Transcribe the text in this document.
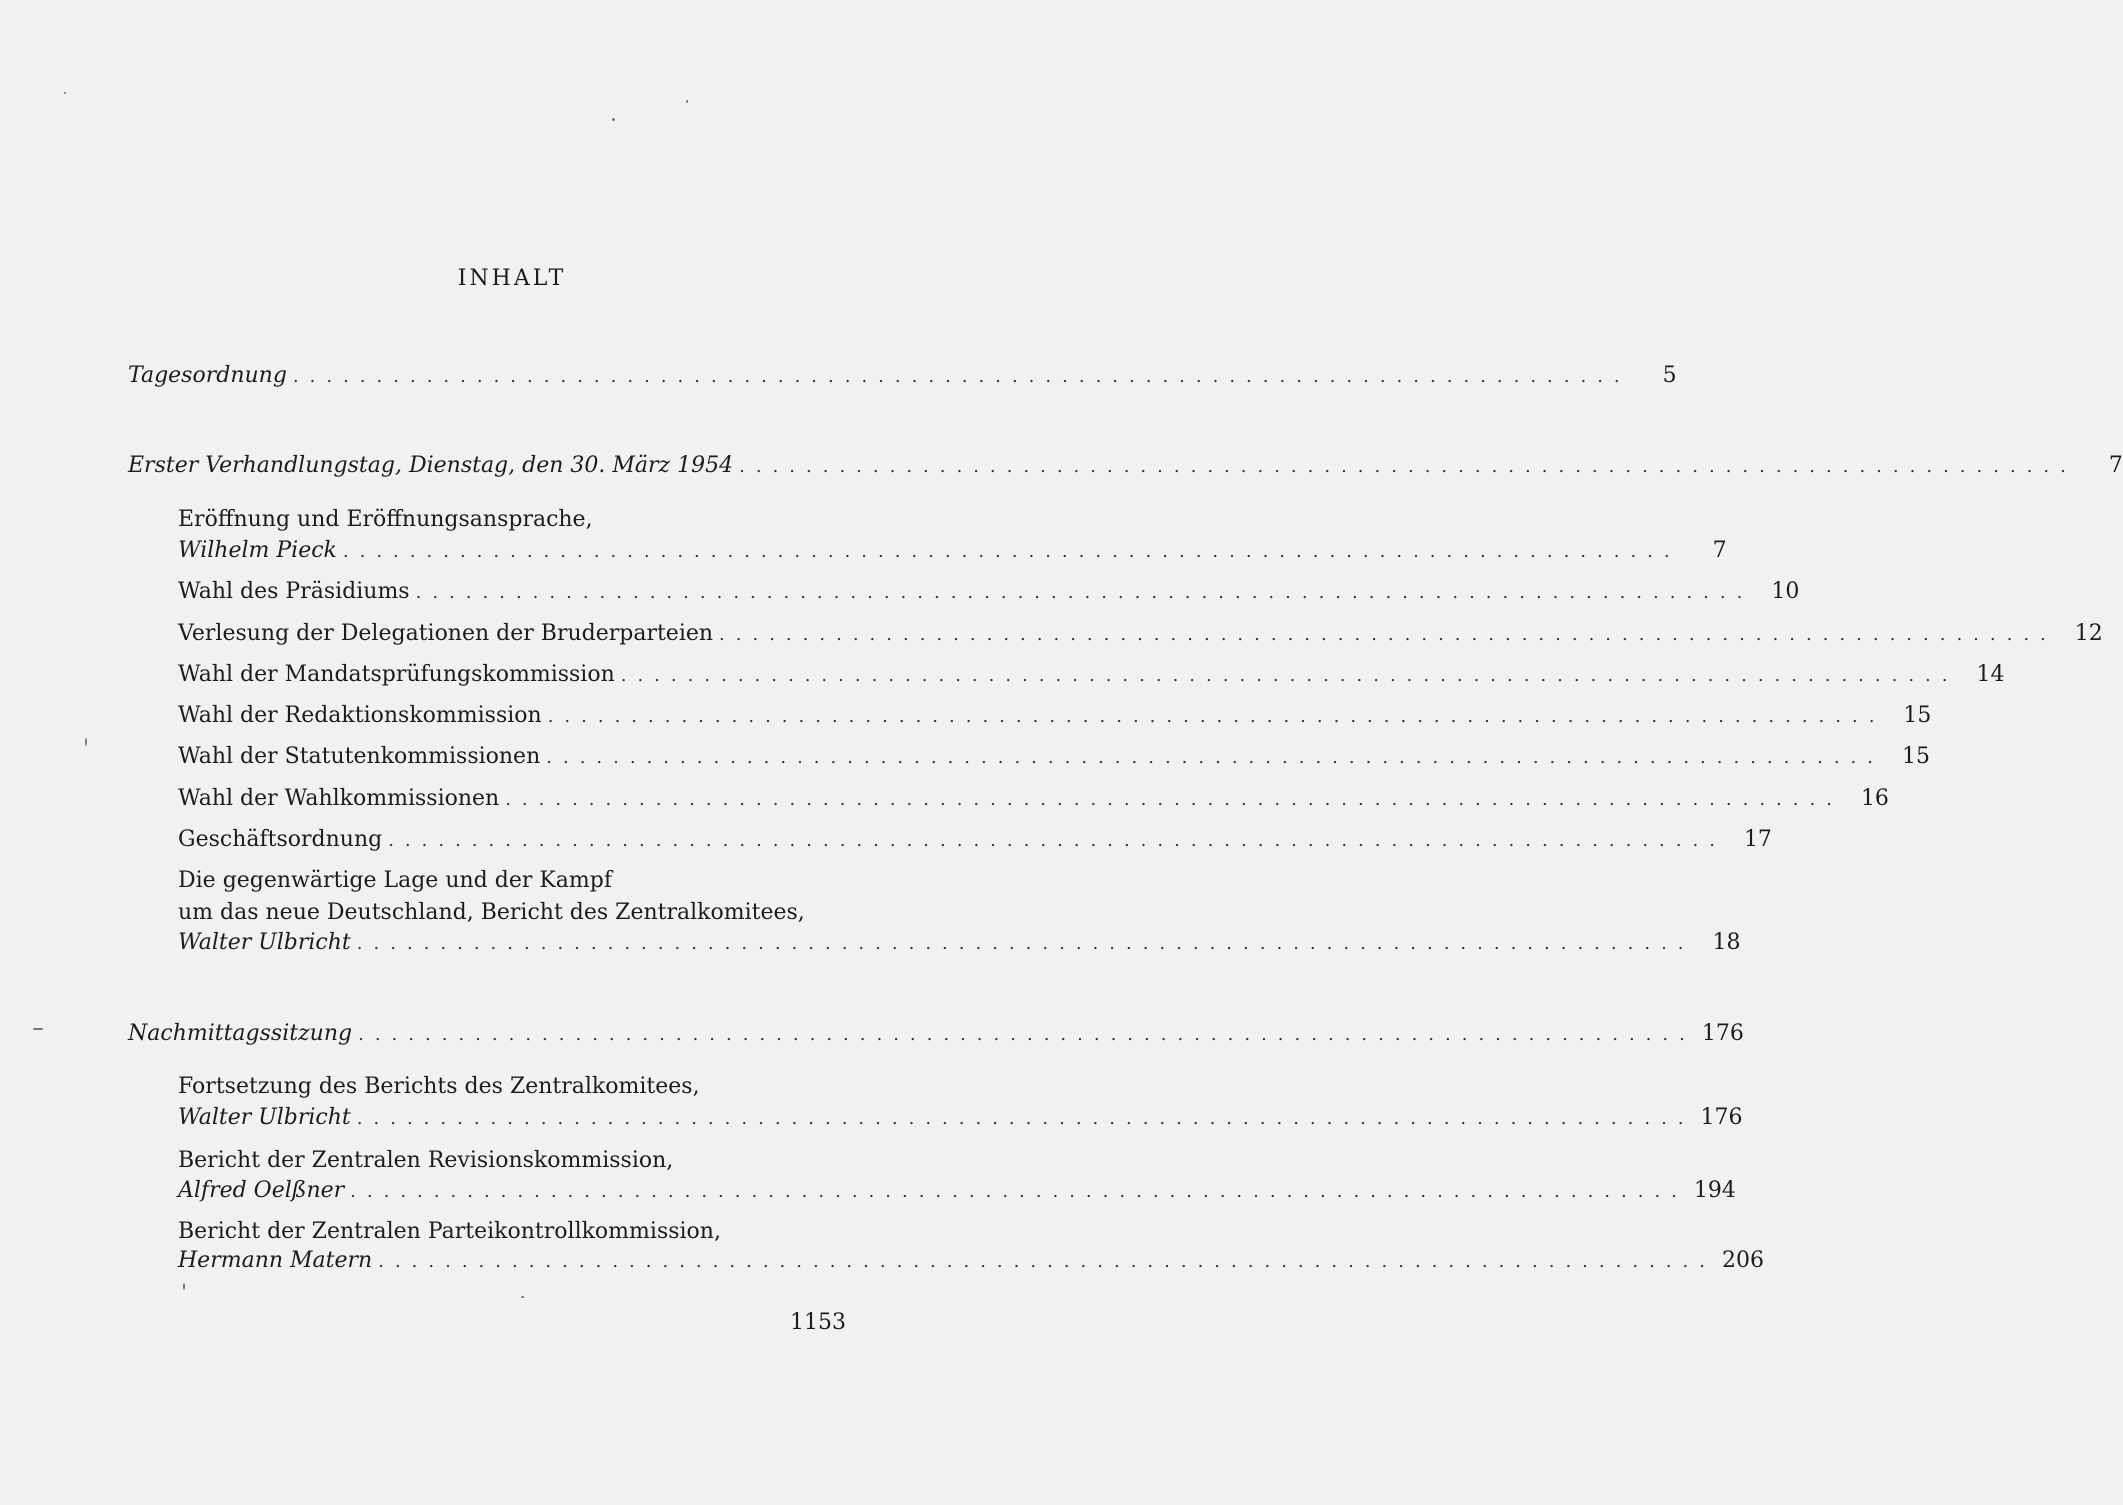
INHALT
Tagesordnung ................................................................................	5
Erster Verhandlungstag, Dienstag, den 30. März 1954 ................................................................................	7
Eröffnung und Eröffnungsansprache,
Wilhelm Pieck ................................................................................	7
Wahl des Präsidiums ................................................................................ 10
Verlesung der Delegationen der Bruderparteien ................................................................................ 12
Wahl der Mandatsprüfungskommission ................................................................................ 14
Wahl der Redaktionskommission ................................................................................ 15
Wahl der Statutenkommissionen ................................................................................ 15
Wahl der Wahlkommissionen ................................................................................ 16
Geschäftsordnung ................................................................................ 17
Die gegenwärtige Lage und der Kampf
um das neue Deutschland, Bericht des Zentralkomitees,
Walter Ulbricht ................................................................................ 18
Nachmittagssitzung ................................................................................ 176
Fortsetzung des Berichts des Zentralkomitees,
Walter Ulbricht ................................................................................ 176
Bericht der Zentralen Revisionskommission,
Alfred Oelßner ................................................................................ 194
Bericht der Zentralen Parteikontrollkommission,
Hermann Matern ................................................................................ 206
1153
